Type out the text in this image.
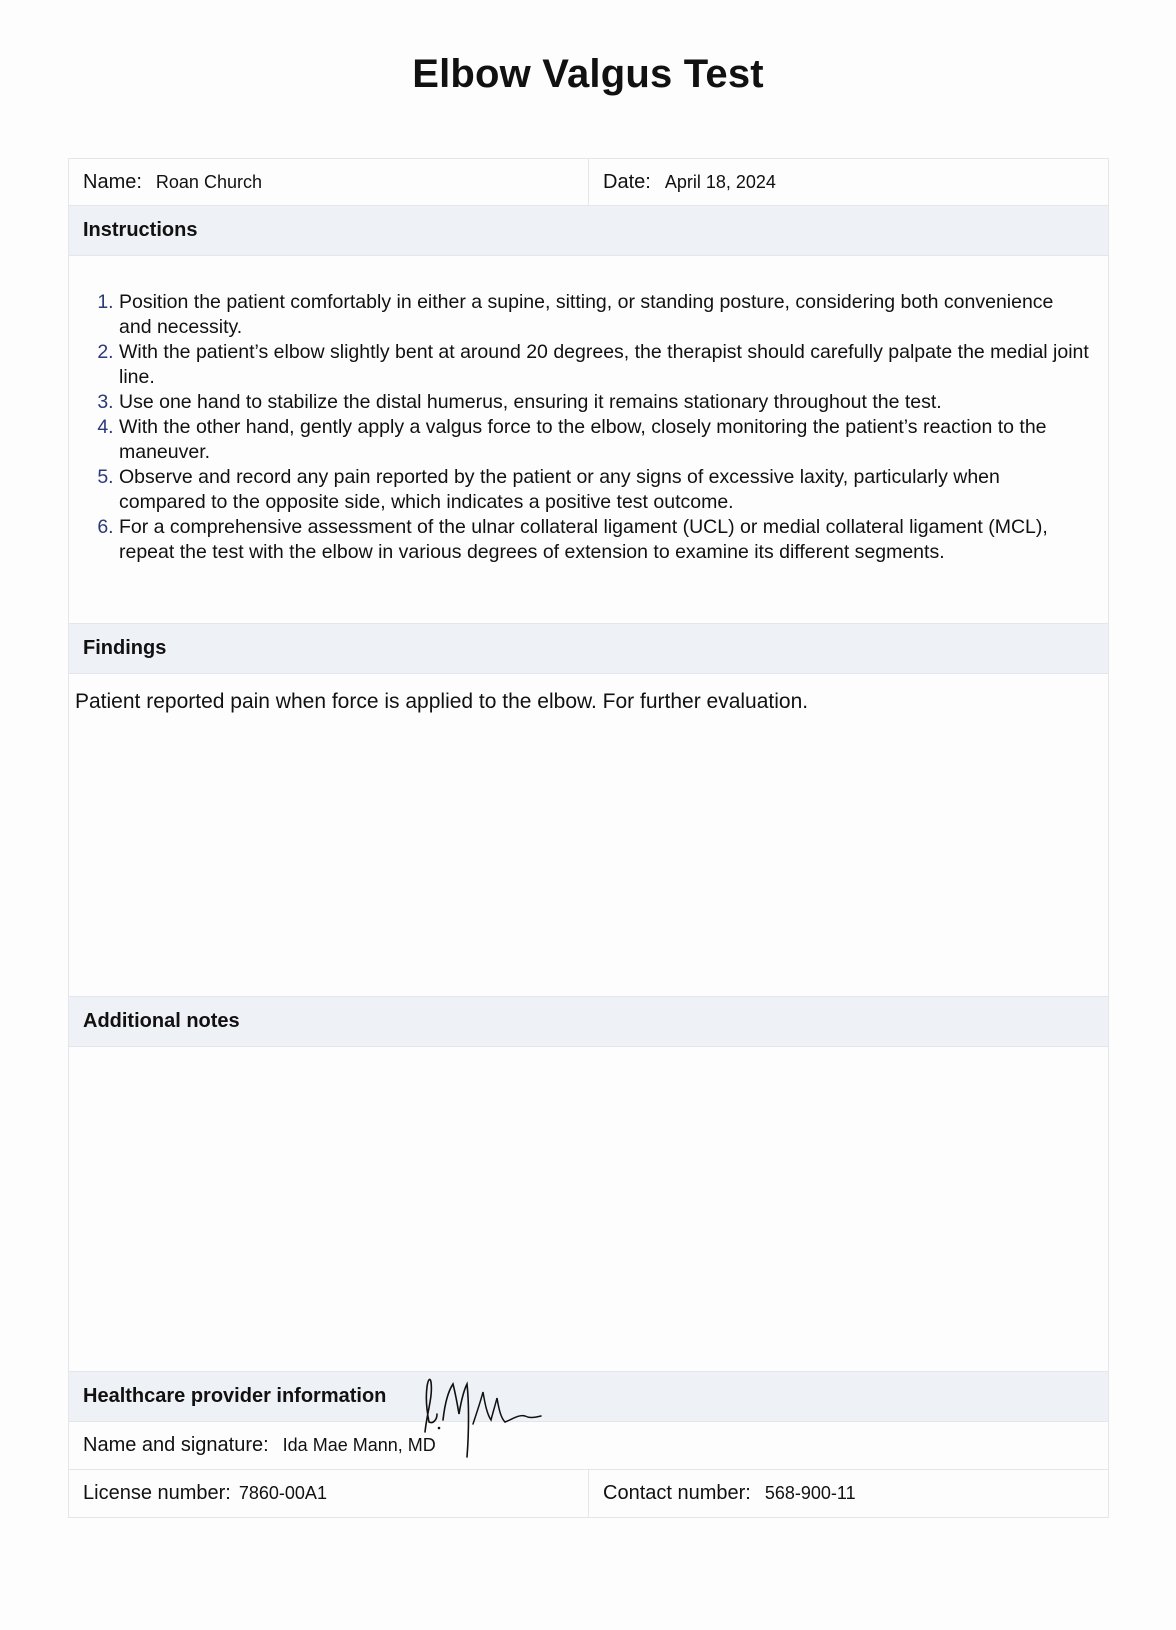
Elbow Valgus Test
Name: Roan Church	Date: April 18, 2024
Instructions
1. Position the patient comfortably in either a supine, sitting, or standing posture, considering both convenience and necessity.
2. With the patient’s elbow slightly bent at around 20 degrees, the therapist should carefully palpate the medial joint line.
3. Use one hand to stabilize the distal humerus, ensuring it remains stationary throughout the test.
4. With the other hand, gently apply a valgus force to the elbow, closely monitoring the patient’s reaction to the maneuver.
5. Observe and record any pain reported by the patient or any signs of excessive laxity, particularly when compared to the opposite side, which indicates a positive test outcome.
6. For a comprehensive assessment of the ulnar collateral ligament (UCL) or medial collateral ligament (MCL), repeat the test with the elbow in various degrees of extension to examine its different segments.
Findings
Patient reported pain when force is applied to the elbow. For further evaluation.
Additional notes
Healthcare provider information
Name and signature: Ida Mae Mann, MD
License number: 7860-00A1	Contact number: 568-900-11
